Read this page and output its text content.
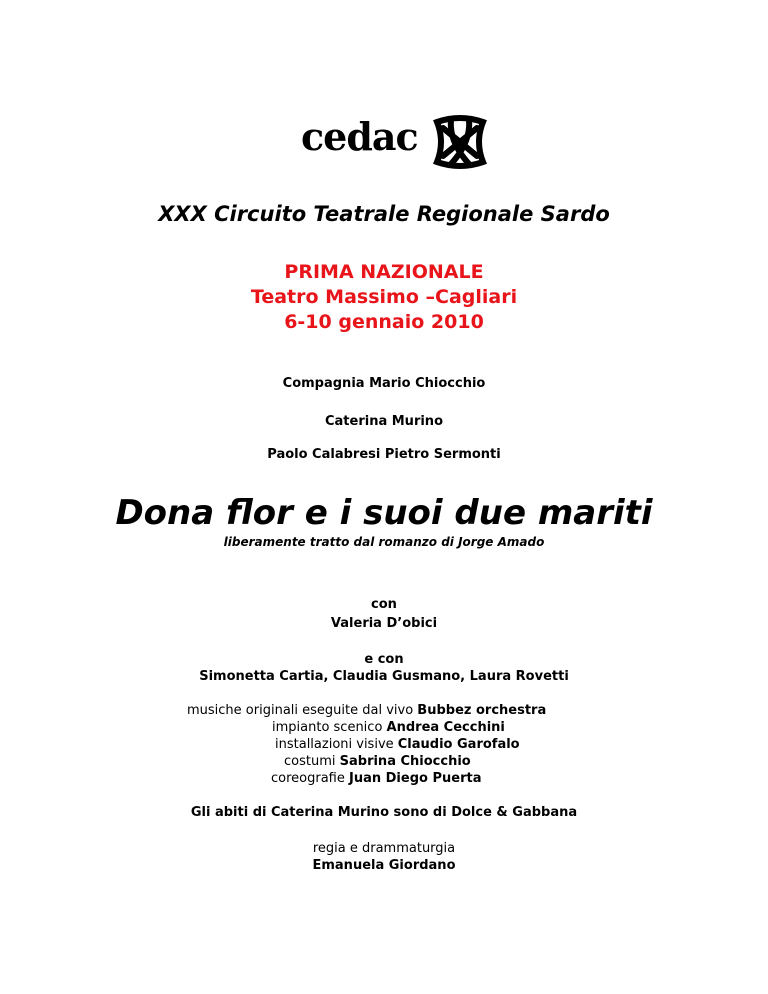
cedac
XXX Circuito Teatrale Regionale Sardo
PRIMA NAZIONALE
Teatro Massimo –Cagliari
6-10 gennaio 2010
Compagnia Mario Chiocchio
Caterina Murino
Paolo Calabresi Pietro Sermonti
Dona flor e i suoi due mariti
liberamente tratto dal romanzo di Jorge Amado
con
Valeria D’obici
e con
Simonetta Cartia, Claudia Gusmano, Laura Rovetti
musiche originali eseguite dal vivo Bubbez orchestra
impianto scenico Andrea Cecchini
installazioni visive Claudio Garofalo
costumi Sabrina Chiocchio
coreografie Juan Diego Puerta
Gli abiti di Caterina Murino sono di Dolce & Gabbana
regia e drammaturgia
Emanuela Giordano
